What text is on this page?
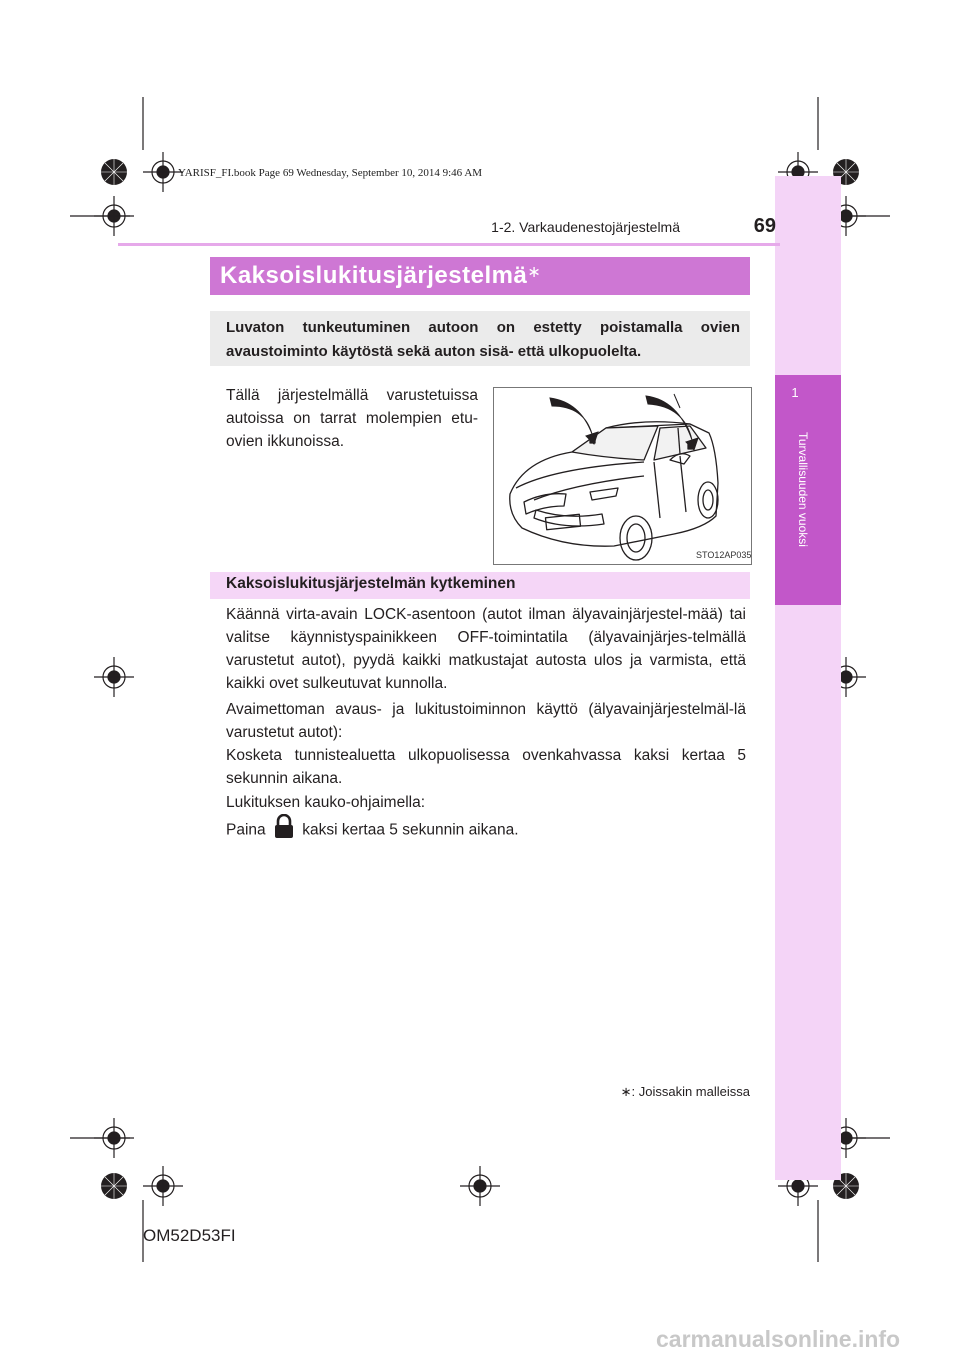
1
Turvallisuuden vuoksi
YARISF_FI.book Page 69 Wednesday, September 10, 2014 9:46 AM
1-2. Varkaudenestojärjestelmä	69
Kaksoislukitusjärjestelmä∗
Luvaton tunkeutuminen autoon on estetty poistamalla ovien avaustoiminto käytöstä sekä auton sisä- että ulkopuolelta.
Tällä järjestelmällä varustetuissa autoissa on tarrat molempien etu-ovien ikkunoissa.
STO12AP035
Kaksoislukitusjärjestelmän kytkeminen
Käännä virta-avain LOCK-asentoon (autot ilman älyavainjärjestel-mää) tai valitse käynnistyspainikkeen OFF-toimintatila (älyavainjärjes-telmällä varustetut autot), pyydä kaikki matkustajat autosta ulos ja varmista, että kaikki ovet sulkeutuvat kunnolla.
Avaimettoman avaus- ja lukitustoiminnon käyttö (älyavainjärjestelmäl-lä varustetut autot):
Kosketa tunnistealuetta ulkopuolisessa ovenkahvassa kaksi kertaa 5 sekunnin aikana.
Lukituksen kauko-ohjaimella:
Paina kaksi kertaa 5 sekunnin aikana.
∗: Joissakin malleissa
OM52D53FI
carmanualsonline.info
